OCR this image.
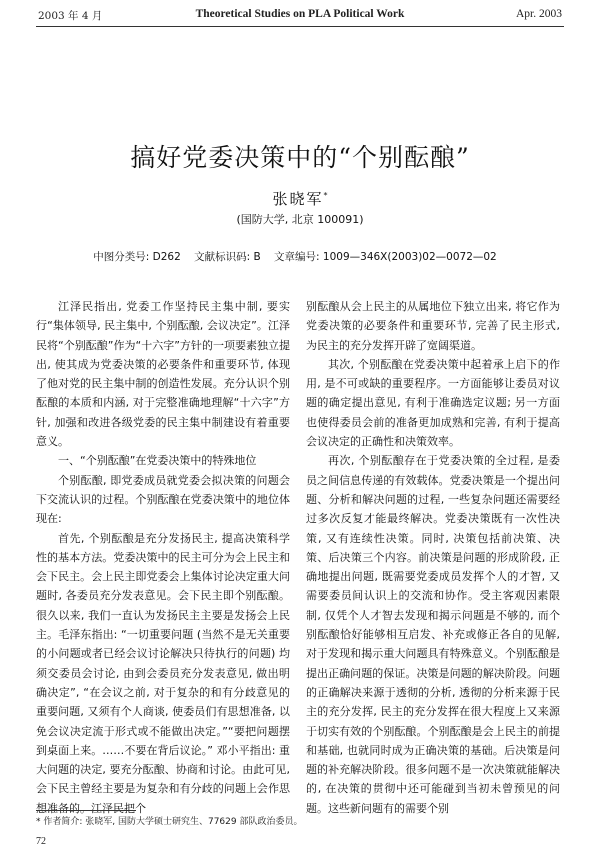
2003 年 4 月	Theoretical Studies on PLA Political Work	Apr. 2003
搞好党委决策中的“个别酝酿”
张晓军*
(国防大学, 北京 100091)
中图分类号: D262 文献标识码: B 文章编号: 1009—346X(2003)02—0072—02

江泽民指出, 党委工作坚持民主集中制, 要实行“集体领导, 民主集中, 个别酝酿, 会议决定”。江泽民将“个别酝酿”作为“十六字”方针的一项要素独立提出, 使其成为党委决策的必要条件和重要环节, 体现了他对党的民主集中制的创造性发展。充分认识个别酝酿的本质和内涵, 对于完整准确地理解“十六字”方针, 加强和改进各级党委的民主集中制建设有着重要意义。

一、“个别酝酿”在党委决策中的特殊地位

个别酝酿, 即党委成员就党委会拟决策的问题会下交流认识的过程。个别酝酿在党委决策中的地位体现在:

首先, 个别酝酿是充分发扬民主, 提高决策科学性的基本方法。党委决策中的民主可分为会上民主和会下民主。会上民主即党委会上集体讨论决定重大问题时, 各委员充分发表意见。会下民主即个别酝酿。很久以来, 我们一直认为发扬民主主要是发扬会上民主。毛泽东指出: “一切重要问题 (当然不是无关重要的小问题或者已经会议讨论解决只待执行的问题) 均须交委员会讨论, 由到会委员充分发表意见, 做出明确决定”, “在会议之前, 对于复杂的和有分歧意见的重要问题, 又须有个人商谈, 使委员们有思想准备, 以免会议决定流于形式或不能做出决定。”“要把问题摆到桌面上来。……不要在背后议论。” 邓小平指出: 重大问题的决定, 要充分酝酿、协商和讨论。由此可见, 会下民主曾经主要是为复杂和有分歧的问题上会作思想准备的。江泽民把个

别酝酿从会上民主的从属地位下独立出来, 将它作为党委决策的必要条件和重要环节, 完善了民主形式, 为民主的充分发挥开辟了宽阔渠道。

其次, 个别酝酿在党委决策中起着承上启下的作用, 是不可或缺的重要程序。一方面能够让委员对议题的确定提出意见, 有利于准确选定议题; 另一方面也使得委员会前的准备更加成熟和完善, 有利于提高会议决定的正确性和决策效率。

再次, 个别酝酿存在于党委决策的全过程, 是委员之间信息传递的有效载体。党委决策是一个提出问题、分析和解决问题的过程, 一些复杂问题还需要经过多次反复才能最终解决。党委决策既有一次性决策, 又有连续性决策。同时, 决策包括前决策、决策、后决策三个内容。前决策是问题的形成阶段, 正确地提出问题, 既需要党委成员发挥个人的才智, 又需要委员间认识上的交流和协作。受主客观因素限制, 仅凭个人才智去发现和揭示问题是不够的, 而个别酝酿恰好能够相互启发、补充或修正各自的见解, 对于发现和揭示重大问题具有特殊意义。个别酝酿是提出正确问题的保证。决策是问题的解决阶段。问题的正确解决来源于透彻的分析, 透彻的分析来源于民主的充分发挥, 民主的充分发挥在很大程度上又来源于切实有效的个别酝酿。个别酝酿是会上民主的前提和基础, 也就同时成为正确决策的基础。后决策是问题的补充解决阶段。很多问题不是一次决策就能解决的, 在决策的贯彻中还可能碰到当初未曾预见的问题。这些新问题有的需要个别

* 作者简介: 张晓军, 国防大学硕士研究生、77629 部队政治委员。
72
